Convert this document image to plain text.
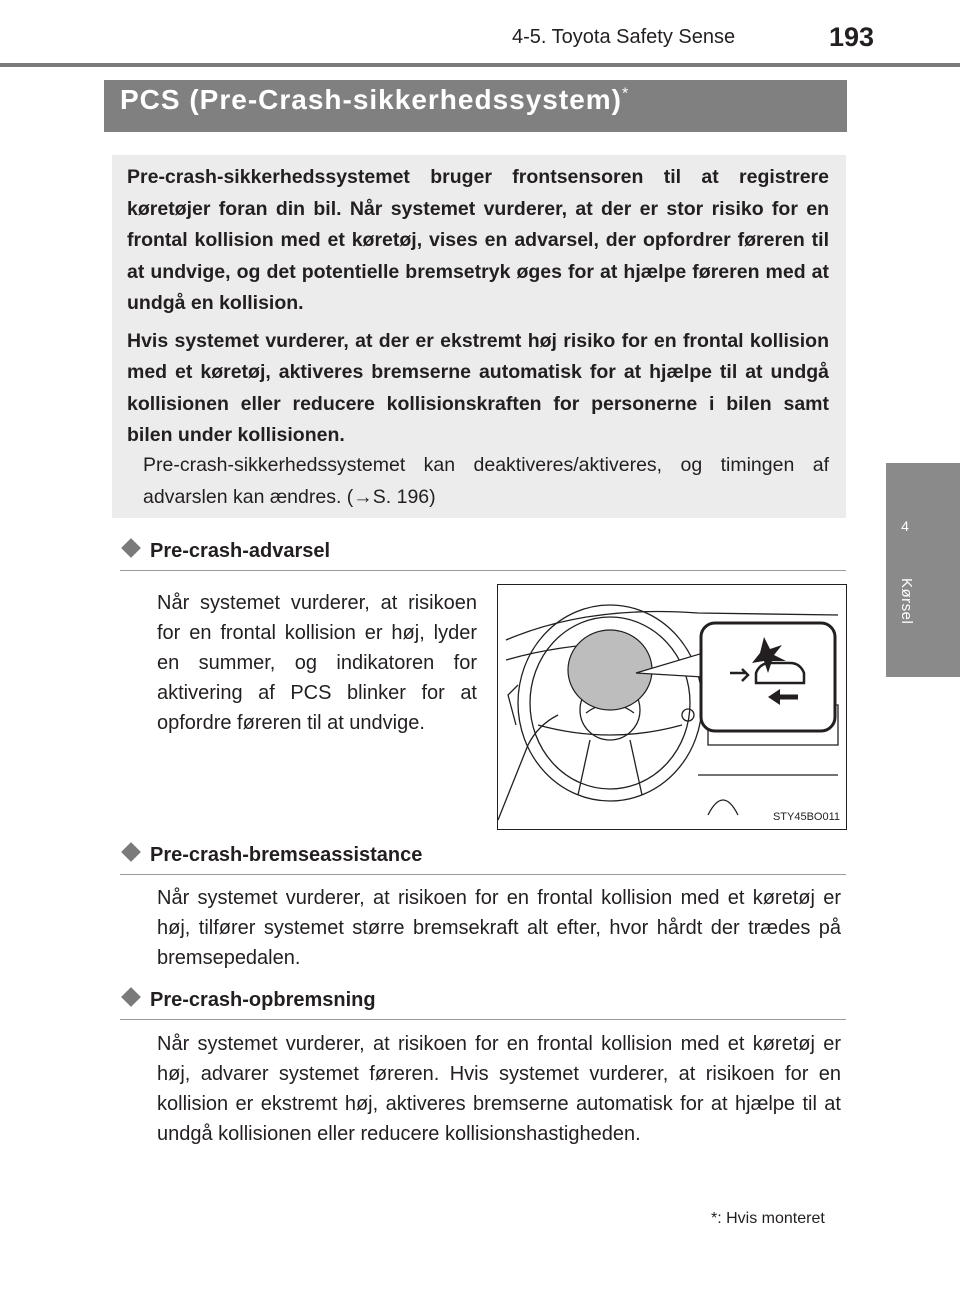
4-5. Toyota Safety Sense	193
4
Kørsel
PCS (Pre-Crash-sikkerhedssystem)*

Pre-crash-sikkerhedssystemet bruger frontsensoren til at registrere køretøjer foran din bil. Når systemet vurderer, at der er stor risiko for en frontal kollision med et køretøj, vises en advarsel, der opfordrer føreren til at undvige, og det potentielle bremsetryk øges for at hjælpe føreren med at undgå en kollision.

Hvis systemet vurderer, at der er ekstremt høj risiko for en frontal kollision med et køretøj, aktiveres bremserne automatisk for at hjælpe til at undgå kollisionen eller reducere kollisionskraften for personerne i bilen samt bilen under kollisionen.

Pre-crash-sikkerhedssystemet kan deaktiveres/aktiveres, og timingen af advarslen kan ændres. (→S. 196)
Pre-crash-advarsel
Når systemet vurderer, at risikoen for en frontal kollision er høj, lyder en summer, og indikatoren for aktivering af PCS blinker for at opfordre føreren til at undvige.
STY45BO011
Pre-crash-bremseassistance
Når systemet vurderer, at risikoen for en frontal kollision med et køretøj er høj, tilfører systemet større bremsekraft alt efter, hvor hårdt der trædes på bremsepedalen.
Pre-crash-opbremsning
Når systemet vurderer, at risikoen for en frontal kollision med et køretøj er høj, advarer systemet føreren. Hvis systemet vurderer, at risikoen for en kollision er ekstremt høj, aktiveres bremserne automatisk for at hjælpe til at undgå kollisionen eller reducere kollisionshastigheden.
*: Hvis monteret
